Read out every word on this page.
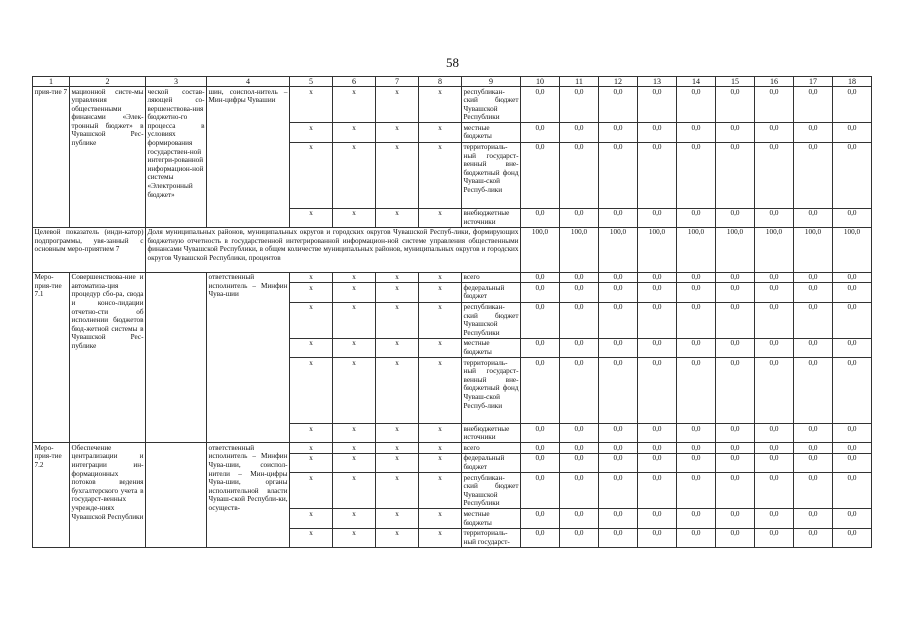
58
1	2	3	4	5	6	7	8	9	10	11	12	13	14	15	16	17	18
прия-тие 7	мационной систе-мы управления общественными финансами «Элек-тронный бюджет» в Чувашской Рес-публике	ческой состав-ляющей со-вершенствова-ния бюджетно-го процесса в условиях формирования государствен-ной интегри-рованной информацион-ной системы «Электронный бюджет»	шин, соиспол-нитель – Мин-цифры Чувашии	x	x	x	x	республикан-ский бюджет Чувашской Республики	0,0	0,0	0,0	0,0	0,0	0,0	0,0	0,0	0,0
				x	x	x	x	местные бюджеты	0,0	0,0	0,0	0,0	0,0	0,0	0,0	0,0	0,0
				x	x	x	x	территориаль-ный государст-венный вне-бюджетный фонд Чуваш-ской Респуб-лики	0,0	0,0	0,0	0,0	0,0	0,0	0,0	0,0	0,0
				x	x	x	x	внебюджетные источники	0,0	0,0	0,0	0,0	0,0	0,0	0,0	0,0	0,0
Целевой показатель (инди-катор) подпрограммы, увя-занный с основным меро-приятием 7		Доля муниципальных районов, муниципальных округов и городских округов Чувашской Респуб-лики, формирующих бюджетную отчетность в государственной интегрированной информацион-ной системе управления общественными финансами Чувашской Республики, в общем количестве муниципальных районов, муниципальных округов и городских округов Чувашской Республики, процентов							100,0	100,0	100,0	100,0	100,0	100,0	100,0	100,0	100,0
Меро-прия-тие 7.1	Совершенствова-ние и автоматиза-ция процедур сбо-ра, свода и консо-лидации отчетно-сти об исполнении бюджетов бюд-жетной системы в Чувашской Рес-публике		ответственный исполнитель – Минфин Чува-шии	x	x	x	x	всего	0,0	0,0	0,0	0,0	0,0	0,0	0,0	0,0	0,0
				x	x	x	x	федеральный бюджет	0,0	0,0	0,0	0,0	0,0	0,0	0,0	0,0	0,0
				x	x	x	x	республикан-ский бюджет Чувашской Республики	0,0	0,0	0,0	0,0	0,0	0,0	0,0	0,0	0,0
				x	x	x	x	местные бюджеты	0,0	0,0	0,0	0,0	0,0	0,0	0,0	0,0	0,0
				x	x	x	x	территориаль-ный государст-венный вне-бюджетный фонд Чуваш-ской Респуб-лики	0,0	0,0	0,0	0,0	0,0	0,0	0,0	0,0	0,0
				x	x	x	x	внебюджетные источники	0,0	0,0	0,0	0,0	0,0	0,0	0,0	0,0	0,0
Меро-прия-тие 7.2	Обеспечение централизации и интеграции ин-формационных потоков ведения бухгалтерского учета в государст-венных учрежде-ниях Чувашской Республики		ответственный исполнитель – Минфин Чува-шии, соиспол-нители – Мин-цифры Чува-шии, органы исполнительной власти Чуваш-ской Республи-ки, осуществ-	x	x	x	x	всего	0,0	0,0	0,0	0,0	0,0	0,0	0,0	0,0	0,0
				x	x	x	x	федеральный бюджет	0,0	0,0	0,0	0,0	0,0	0,0	0,0	0,0	0,0
				x	x	x	x	республикан-ский бюджет Чувашской Республики	0,0	0,0	0,0	0,0	0,0	0,0	0,0	0,0	0,0
				x	x	x	x	местные бюджеты	0,0	0,0	0,0	0,0	0,0	0,0	0,0	0,0	0,0
				x	x	x	x	территориаль-ный государст-	0,0	0,0	0,0	0,0	0,0	0,0	0,0	0,0	0,0
